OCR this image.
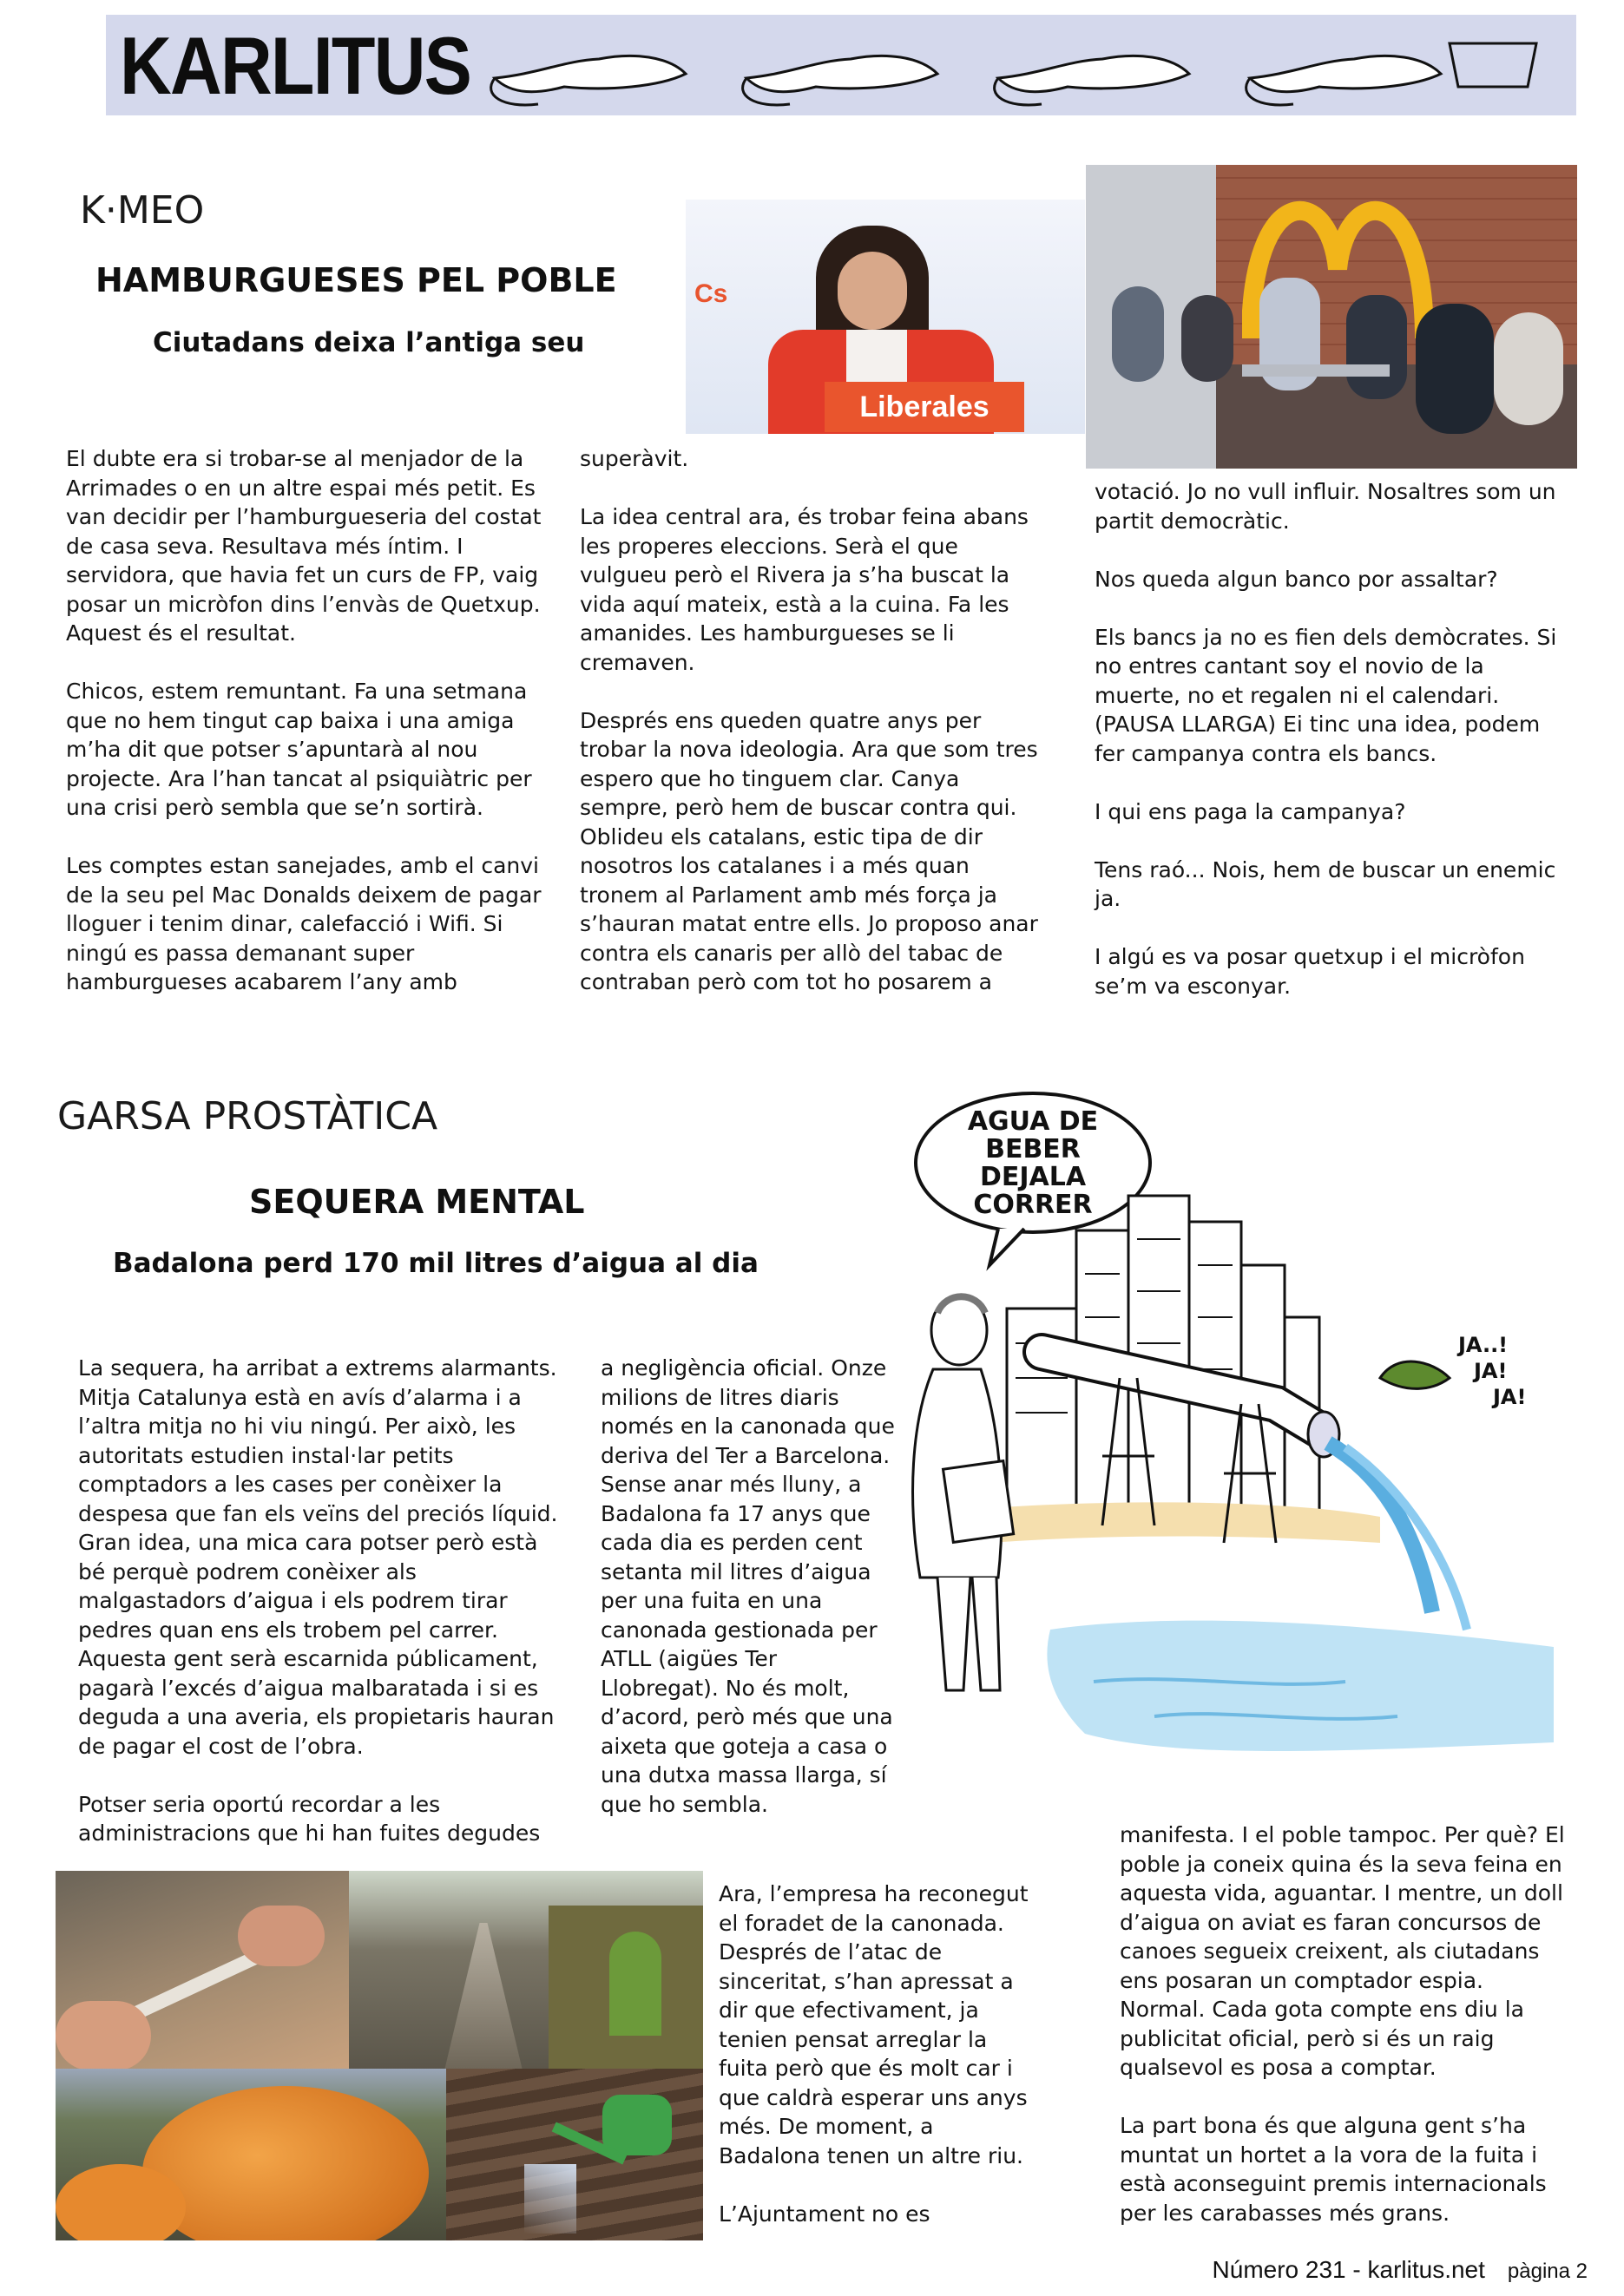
KARLITUS
K·MEO
HAMBURGUESES PEL POBLE
Ciutadans deixa l’antiga seu
Cs
Liberales

El dubte era si trobar-se al menjador de la Arrimades o en un altre espai més petit. Es van decidir per l’hamburgueseria del costat de casa seva. Resultava més íntim. I servidora, que havia fet un curs de FP, vaig posar un micròfon dins l’envàs de Quetxup. Aquest és el resultat.

Chicos, estem remuntant. Fa una setmana que no hem tingut cap baixa i una amiga m’ha dit que potser s’apuntarà al nou projecte. Ara l’han tancat al psiquiàtric per una crisi però sembla que se’n sortirà.

Les comptes estan sanejades, amb el canvi de la seu pel Mac Donalds deixem de pagar lloguer i tenim dinar, calefacció i Wifi. Si ningú es passa demanant super hamburgueses acabarem l’any amb

superàvit.

La idea central ara, és trobar feina abans les properes eleccions. Serà el que vulgueu però el Rivera ja s’ha buscat la vida aquí mateix, està a la cuina. Fa les amanides. Les hamburgueses se li cremaven.

Després ens queden quatre anys per trobar la nova ideologia. Ara que som tres espero que ho tinguem clar. Canya sempre, però hem de buscar contra qui. Oblideu els catalans, estic tipa de dir nosotros los catalanes i a més quan tronem al Parlament amb més força ja s’hauran matat entre ells. Jo proposo anar contra els canaris per allò del tabac de contraban però com tot ho posarem a

votació. Jo no vull influir. Nosaltres som un partit democràtic.

Nos queda algun banco por assaltar?

Els bancs ja no es fien dels demòcrates. Si no entres cantant soy el novio de la muerte, no et regalen ni el calendari. (PAUSA LLARGA) Ei tinc una idea, podem fer campanya contra els bancs.

I qui ens paga la campanya?

Tens raó... Nois, hem de buscar un enemic ja.

I algú es va posar quetxup i el micròfon se’m va esconyar.

GARSA PROSTÀTICA
SEQUERA MENTAL
Badalona perd 170 mil litres d’aigua al dia
AGUA DE
BEBER
DEJALA
CORRER
JA..!
JA!
JA!

La sequera, ha arribat a extrems alarmants. Mitja Catalunya està en avís d’alarma i a l’altra mitja no hi viu ningú. Per això, les autoritats estudien instal·lar petits comptadors a les cases per conèixer la despesa que fan els veïns del preciós líquid. Gran idea, una mica cara potser però està bé perquè podrem conèixer als malgastadors d’aigua i els podrem tirar pedres quan ens els trobem pel carrer. Aquesta gent serà escarnida públicament, pagarà l’excés d’aigua malbaratada i si es deguda a una averia, els propietaris hauran de pagar el cost de l’obra.

Potser seria oportú recordar a les administracions que hi han fuites degudes

a negligència oficial. Onze milions de litres diaris només en la canonada que deriva del Ter a Barcelona. Sense anar més lluny, a Badalona fa 17 anys que cada dia es perden cent setanta mil litres d’aigua per una fuita en una canonada gestionada per ATLL (aigües Ter Llobregat). No és molt, d’acord, però més que una aixeta que goteja a casa o una dutxa massa llarga, sí que ho sembla.

Ara, l’empresa ha reconegut el foradet de la canonada. Després de l’atac de sinceritat, s’han apressat a dir que efectivament, ja tenien pensat arreglar la fuita però que és molt car i que caldrà esperar uns anys més. De moment, a Badalona tenen un altre riu.

L’Ajuntament no es

manifesta. I el poble tampoc. Per què? El poble ja coneix quina és la seva feina en aquesta vida, aguantar. I mentre, un doll d’aigua on aviat es faran concursos de canoes segueix creixent, als ciutadans ens posaran un comptador espia. Normal. Cada gota compte ens diu la publicitat oficial, però si és un raig qualsevol es posa a comptar.

La part bona és que alguna gent s’ha muntat un hortet a la vora de la fuita i està aconseguint premis internacionals per les carabasses més grans.

Número 231 - karlitus.net pàgina 2
